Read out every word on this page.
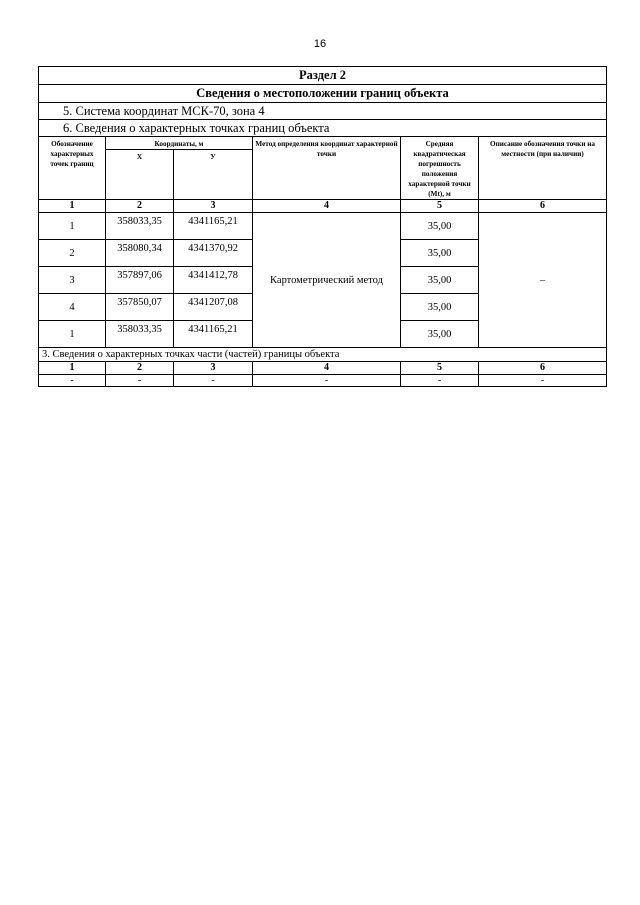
16
Раздел 2					
Сведения о местоположении границ объекта					
5. Система координат МСК-70, зона 4					
6. Сведения о характерных точках границ объекта					
Обозначение характерных точек границ	Координаты, м		Метод определения координат характерной точки	Средняя квадратическая погрешность положения характерной точки (Mt), м	Описание обозначения точки на местности (при наличии)
	X	У			
1	2	3	4	5	6
1	358033,35	4341165,21	Картометрический метод	35,00	–
2	358080,34	4341370,92		35,00	
3	357897,06	4341412,78		35,00	
4	357850,07	4341207,08		35,00	
1	358033,35	4341165,21		35,00	
3. Сведения о характерных точках части (частей) границы объекта					
1	2	3	4	5	6
-	-	-	-	-	-
